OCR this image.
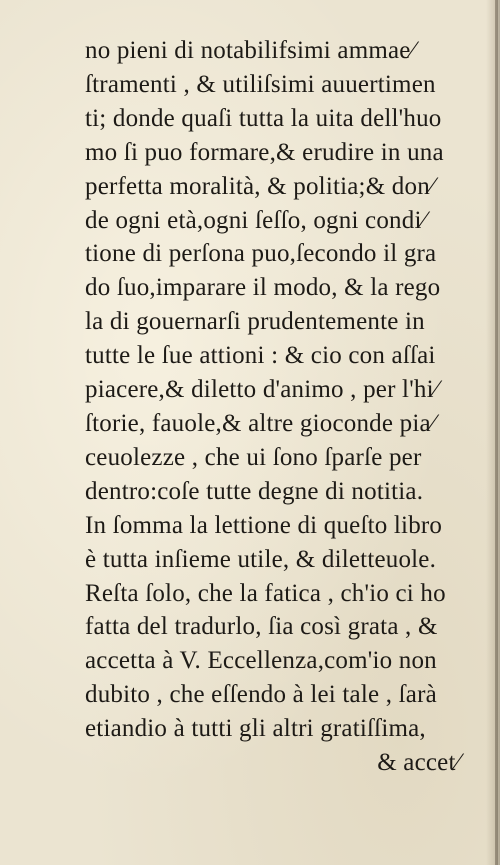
no pieni di notabilifsimi ammae⁄
ſtramenti , & utiliſsimi auuertimen
ti; donde quaſi tutta la uita dell'huo
mo ſi puo formare,& erudire in una
perfetta moralità, & politia;& don⁄
de ogni età,ogni ſeſſo, ogni condi⁄
tione di perſona puo,ſecondo il gra
do ſuo,imparare il modo, & la rego
la di gouernarſi prudentemente in
tutte le ſue attioni : & cio con aſſai
piacere,& diletto d'animo , per l'hi⁄
ſtorie, fauole,& altre gioconde pia⁄
ceuolezze , che ui ſono ſparſe per
dentro:coſe tutte degne di notitia.
In ſomma la lettione di queſto libro
è tutta inſieme utile, & diletteuole.
Reſta ſolo, che la fatica , ch'io ci ho
fatta del tradurlo, ſia così grata , &
accetta à V. Eccellenza,com'io non
dubito , che eſſendo à lei tale , ſarà
etiandio à tutti gli altri gratiſſima,
& accet⁄
